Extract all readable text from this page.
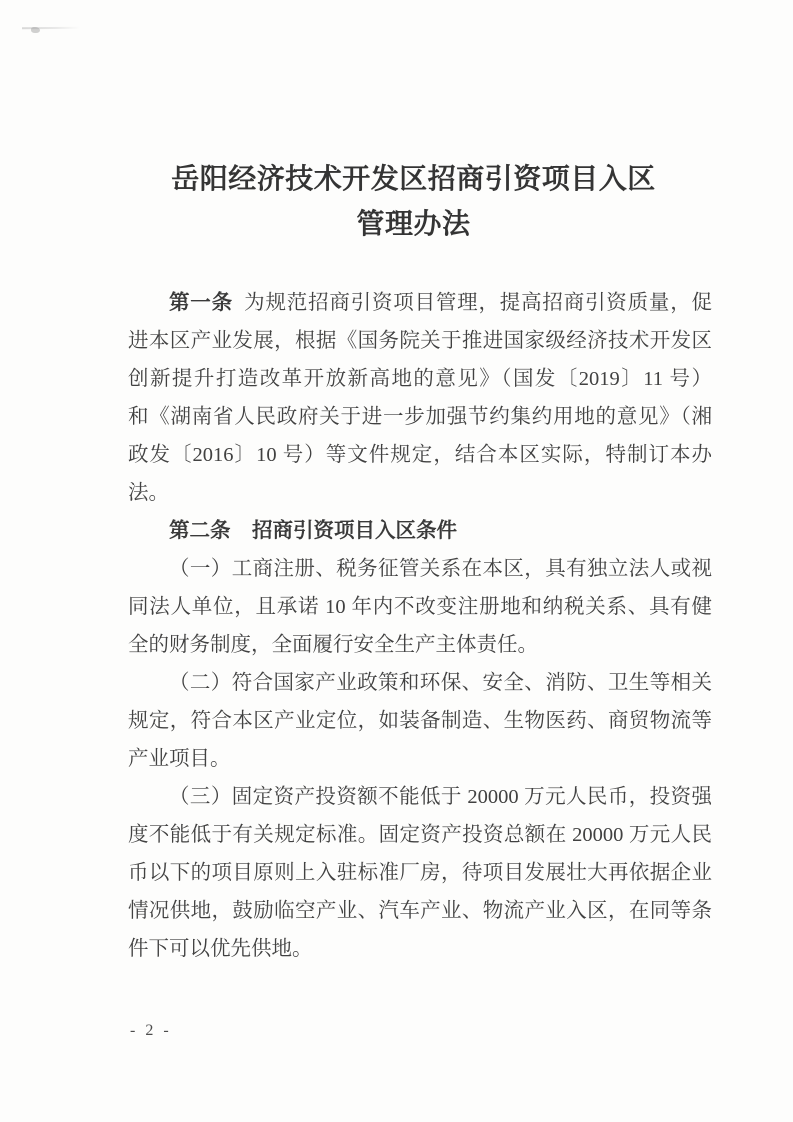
岳阳经济技术开发区招商引资项目入区
管理办法
第一条 为规范招商引资项目管理，提高招商引资质量，促
进本区产业发展，根据《国务院关于推进国家级经济技术开发区
创新提升打造改革开放新高地的意见》（国发〔2019〕11 号）
和《湖南省人民政府关于进一步加强节约集约用地的意见》（湘
政发〔2016〕10 号）等文件规定，结合本区实际，特制订本办
法。
第二条 招商引资项目入区条件
（一）工商注册、税务征管关系在本区，具有独立法人或视
同法人单位，且承诺 10 年内不改变注册地和纳税关系、具有健
全的财务制度，全面履行安全生产主体责任。
（二）符合国家产业政策和环保、安全、消防、卫生等相关
规定，符合本区产业定位，如装备制造、生物医药、商贸物流等
产业项目。
（三）固定资产投资额不能低于 20000 万元人民币，投资强
度不能低于有关规定标准。固定资产投资总额在 20000 万元人民
币以下的项目原则上入驻标准厂房，待项目发展壮大再依据企业
情况供地，鼓励临空产业、汽车产业、物流产业入区，在同等条
件下可以优先供地。
- 2 -
